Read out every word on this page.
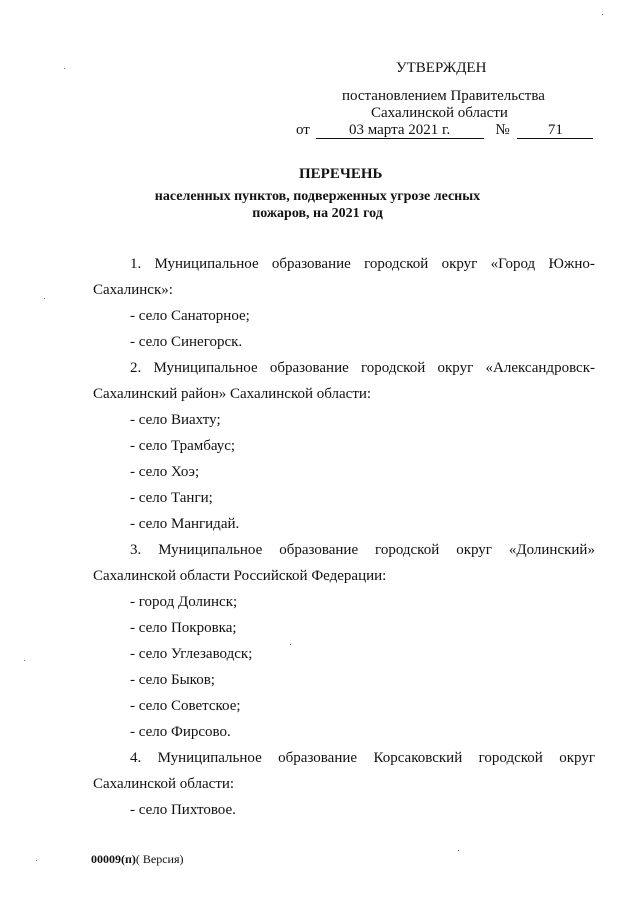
УТВЕРЖДЕН
постановлением Правительства
Сахалинской области
от	03 марта 2021 г.	№	71
ПЕРЕЧЕНЬ
населенных пунктов, подверженных угрозе лесных
пожаров, на 2021 год
1. Муниципальное образование городской округ «Город Южно-
Сахалинск»:
- село Санаторное;
- село Синегорск.
2. Муниципальное образование городской округ «Александровск-
Сахалинский район» Сахалинской области:
- село Виахту;
- село Трамбаус;
- село Хоэ;
- село Танги;
- село Мангидай.
3. Муниципальное образование городской округ «Долинский»
Сахалинской области Российской Федерации:
- город Долинск;
- село Покровка;
- село Углезаводск;
- село Быков;
- село Советское;
- село Фирсово.
4. Муниципальное образование Корсаковский городской округ
Сахалинской области:
- село Пихтовое.
00009(п)( Версия)
